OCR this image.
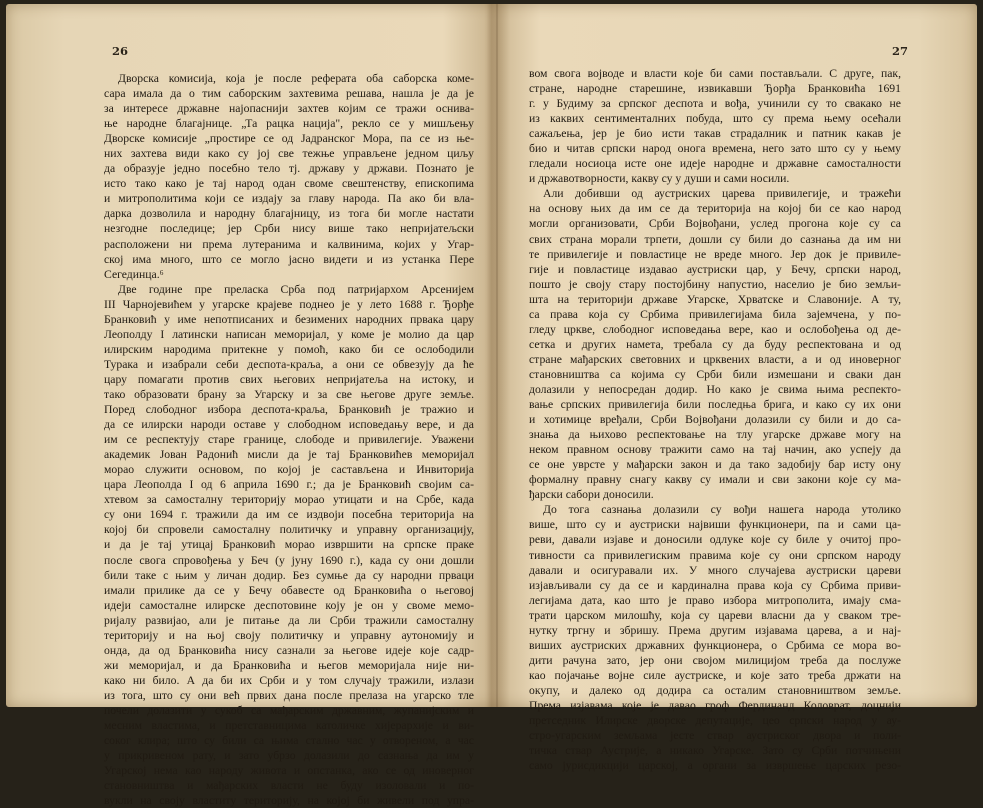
26	27
Дворска комисија, која је после реферата оба саборска коме-
сара имала да о тим саборским захтевима решава, нашла је да је
за интересе државне најопаснији захтев којим се тражи оснива-
ње народне благајнице. „Та рацка нација", рекло се у мишљењу
Дворске комисије „простире се од Јадранског Мора, па се из ње-
них захтева види како су јој све тежње управљене једном циљу
да образује једно посебно тело тј. државу у држави. Познато је
исто тако како је тај народ одан своме свештенству, епископима
и митрополитима који се издају за главу народа. Па ако би вла-
дарка дозволила и народну благајницу, из тога би могле настати
незгодне последице; јер Срби нису више тако непријатељски
расположени ни према лутеранима и калвинима, којих у Угар-
ској има много, што се могло јасно видети и из устанка Пере
Сегединца.⁶
Две године пре преласка Срба под патријархом Арсенијем
III Чарнојевићем у угарске крајеве поднео је у лето 1688 г. Ђорђе
Бранковић у име непотписаних и безимених народних првака цару
Леополду I латински написан меморијал, у коме је молио да цар
илирским народима притекне у помоћ, како би се ослободили
Турака и изабрали себи деспота-краља, а они се обвезују да ће
цару помагати против свих његових непријатеља на истоку, и
тако образовати брану за Угарску и за све његове друге земље.
Поред слободног избора деспота-краља, Бранковић је тражио и
да се илирски народи оставе у слободном исповедању вере, и да
им се респектују старе границе, слободе и привилегије. Уважени
академик Јован Радонић мисли да је тај Бранковићев меморијал
морао служити основом, по којој је састављена и Инвиторија
цара Леополда I од 6 априла 1690 г.; да је Бранковић својим са-
хтевом за самосталну територију морао утицати и на Србе, када
су они 1694 г. тражили да им се издвоји посебна територија на
којој би спровели самосталну политичку и управну организацију,
и да је тај утицај Бранковић морао извршити на српске праке
после свога спровођења у Беч (у јуну 1690 г.), када су они дошли
били таке с њим у личан додир. Без сумње да су народни прваци
имали прилике да се у Бечу обавесте од Бранковића о његовој
идеји самосталне илирске деспотовине коју је он у своме мемо-
ријалу развијао, али је питање да ли Срби тражили самосталну
територију и на њој своју политичку и управну аутономију и
онда, да од Бранковића нису сазнали за његове идеје које садр-
жи меморијал, и да Бранковића и његов меморијала није ни-
како ни било. А да би их Срби и у том случају тражили, излази
из тога, што су они већ првих дана после прелаза на угарско тле
почели долазити у сукоб са мађарским државним, жупанијским и
месним властима, и претставницима католичке хијерархије и ви-
соког клира; што су били са њима стално час у отвореном, а час
у прикривеном рату, и зато убрзо долазили до сазнања да им у
Угарској нема као народу живота и опстанка, ако се од иноверног
становништва и мађарских власти не буду изоловали и по-
вукли на своју властиту територију, на којој би живели под упра-
вом свога војводе и власти које би сами постављали. С друге, пак,
стране, народне старешине, извикавши Ђорђа Бранковића 1691
г. у Будиму за српског деспота и вођа, учинили су то свакако не
из каквих сентименталних побуда, што су према њему осећали
сажаљења, јер је био исти такав страдалник и патник какав је
био и читав српски народ онога времена, него зато што су у њему
гледали носиоца исте оне идеје народне и државне самосталности
и државотворности, какву су у души и сами носили.
Али добивши од аустриских царева привилегије, и тражећи
на основу њих да им се да територија на којој би се као народ
могли организовати, Срби Војвођани, услед прогона које су са
свих страна морали трпети, дошли су били до сазнања да им ни
те привилегије и повластице не вреде много. Јер док је привиле-
гије и повластице издавао аустриски цар, у Бечу, српски народ,
пошто је своју стару постојбину напустио, населио је био земљи-
шта на територији државе Угарске, Хрватске и Славоније. А ту,
са права која су Србима привилегијама била зајемчена, у по-
гледу цркве, слободног исповедања вере, као и ослобођења од де-
сетка и других намета, требала су да буду респектована и од
стране мађарских световних и црквених власти, а и од иноверног
становништва са којима су Срби били измешани и сваки дан
долазили у непосредан додир. Но како је свима њима респекто-
вање српских привилегија били последња брига, и како су их они
и хотимице вређали, Срби Војвођани долазили су били и до са-
знања да њихово респектовање на тлу угарске државе могу на
неком правном основу тражити само на тај начин, ако успеју да
се оне уврсте у мађарски закон и да тако задобију бар исту ону
формалну правну снагу какву су имали и сви закони које су ма-
ђарски сабори доносили.
До тога сазнања долазили су вођи нашега народа утолико
више, што су и аустриски највиши функционери, па и сами ца-
реви, давали изјаве и доносили одлуке које су биле у очитој про-
тивности са привилегиским правима које су они српском народу
давали и осигуравали их. У много случајева аустриски цареви
изјављивали су да се и кардинална права која су Србима приви-
легијама дата, као што је право избора митрополита, имају сма-
трати царском милошћу, која су цареви власни да у сваком тре-
нутку тргну и збришу. Према другим изјавама царева, а и нај-
виших аустриских државних функционера, о Србима се мора во-
дити рачуна зато, јер они својом милицијом треба да послуже
као појачање војне силе аустриске, и које зато треба држати на
окупу, и далеко од додира са осталим становништвом земље.
Према изјавама које је давао гроф Фердинанд Коловрат, доцнији
претседник Илирске дворске депутације, цео српски народ у ау-
стро-угарским земљама јесте ствар аустриског двора и поли-
тичка ствар Аустрије, а никако Угарске. Зато су Срби потчињени
само јурисдикцији царској, а органи за извршење царских резо-
